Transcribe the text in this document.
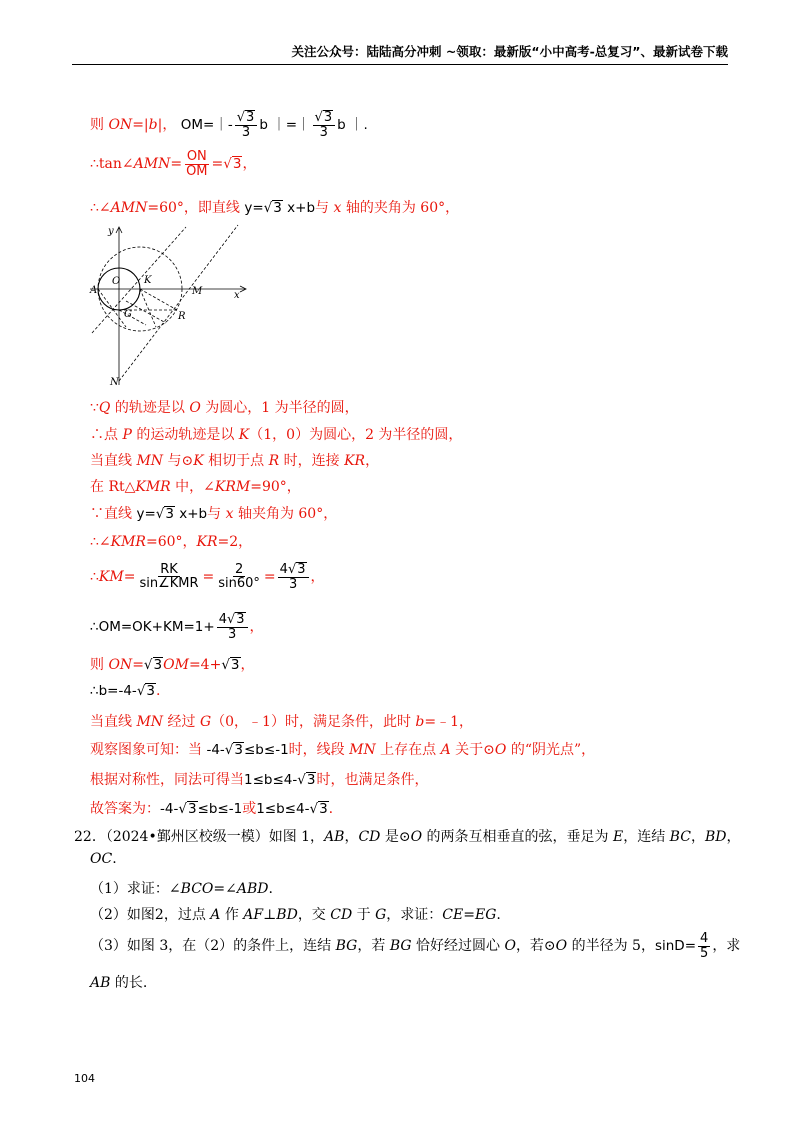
关注公众号：陆陆高分冲刺 ~领取：最新版“小中高考-总复习”、最新试卷下载
则 ON=|b|， OM=｜- $\frac{√3}{3}$ b ｜=｜ $\frac{√3}{3}$ b ｜.
∴tan∠AMN= $\frac{ON}{OM} =√3$，
∴∠AMN=60°，即直线 y=√3 x+b与 x 轴的夹角为 60°，
y
x
O K
A	M
G	R
N
∵Q 的轨迹是以 O 为圆心，1 为半径的圆，
∴点 P 的运动轨迹是以 K（1，0）为圆心，2 为半径的圆，
当直线 MN 与⊙K 相切于点 R 时，连接 KR，
在 Rt△KMR 中，∠KRM=90°，
∵直线 y=√3 x+b与 x 轴夹角为 60°，
∴∠KMR=60°，KR=2，
∴KM= $\frac{RK}{\text{sin∠KMR}} = \frac{2}{\sin 60^\circ} = \frac{4√3}{3}$ ，
∴OM=OK+KM=1+ $\frac{4√3}{3}$ ，
则 ON=√3OM=4+√3，
∴b=-4-√3.
当直线 MN 经过 G（0，﹣1）时，满足条件，此时 b=﹣1，
观察图象可知：当 -4-√3≤b≤-1时，线段 MN 上存在点 A 关于⊙O 的“阴光点”，
根据对称性，同法可得当1≤b≤4-√3时，也满足条件，
故答案为：-4-√3≤b≤-1或1≤b≤4-√3.
22．（2024•鄞州区校级一模）如图 1，AB，CD 是⊙O 的两条互相垂直的弦，垂足为 E，连结 BC，BD，
OC.
（1）求证：∠BCO=∠ABD.
（2）如图2，过点 A 作 AF⊥BD，交 CD 于 G，求证：CE=EG.
（3）如图 3，在（2）的条件上，连结 BG，若 BG 恰好经过圆心 O，若⊙O 的半径为 5，$\sin D= \frac{4}{5}$ ，求
AB 的长.
104
